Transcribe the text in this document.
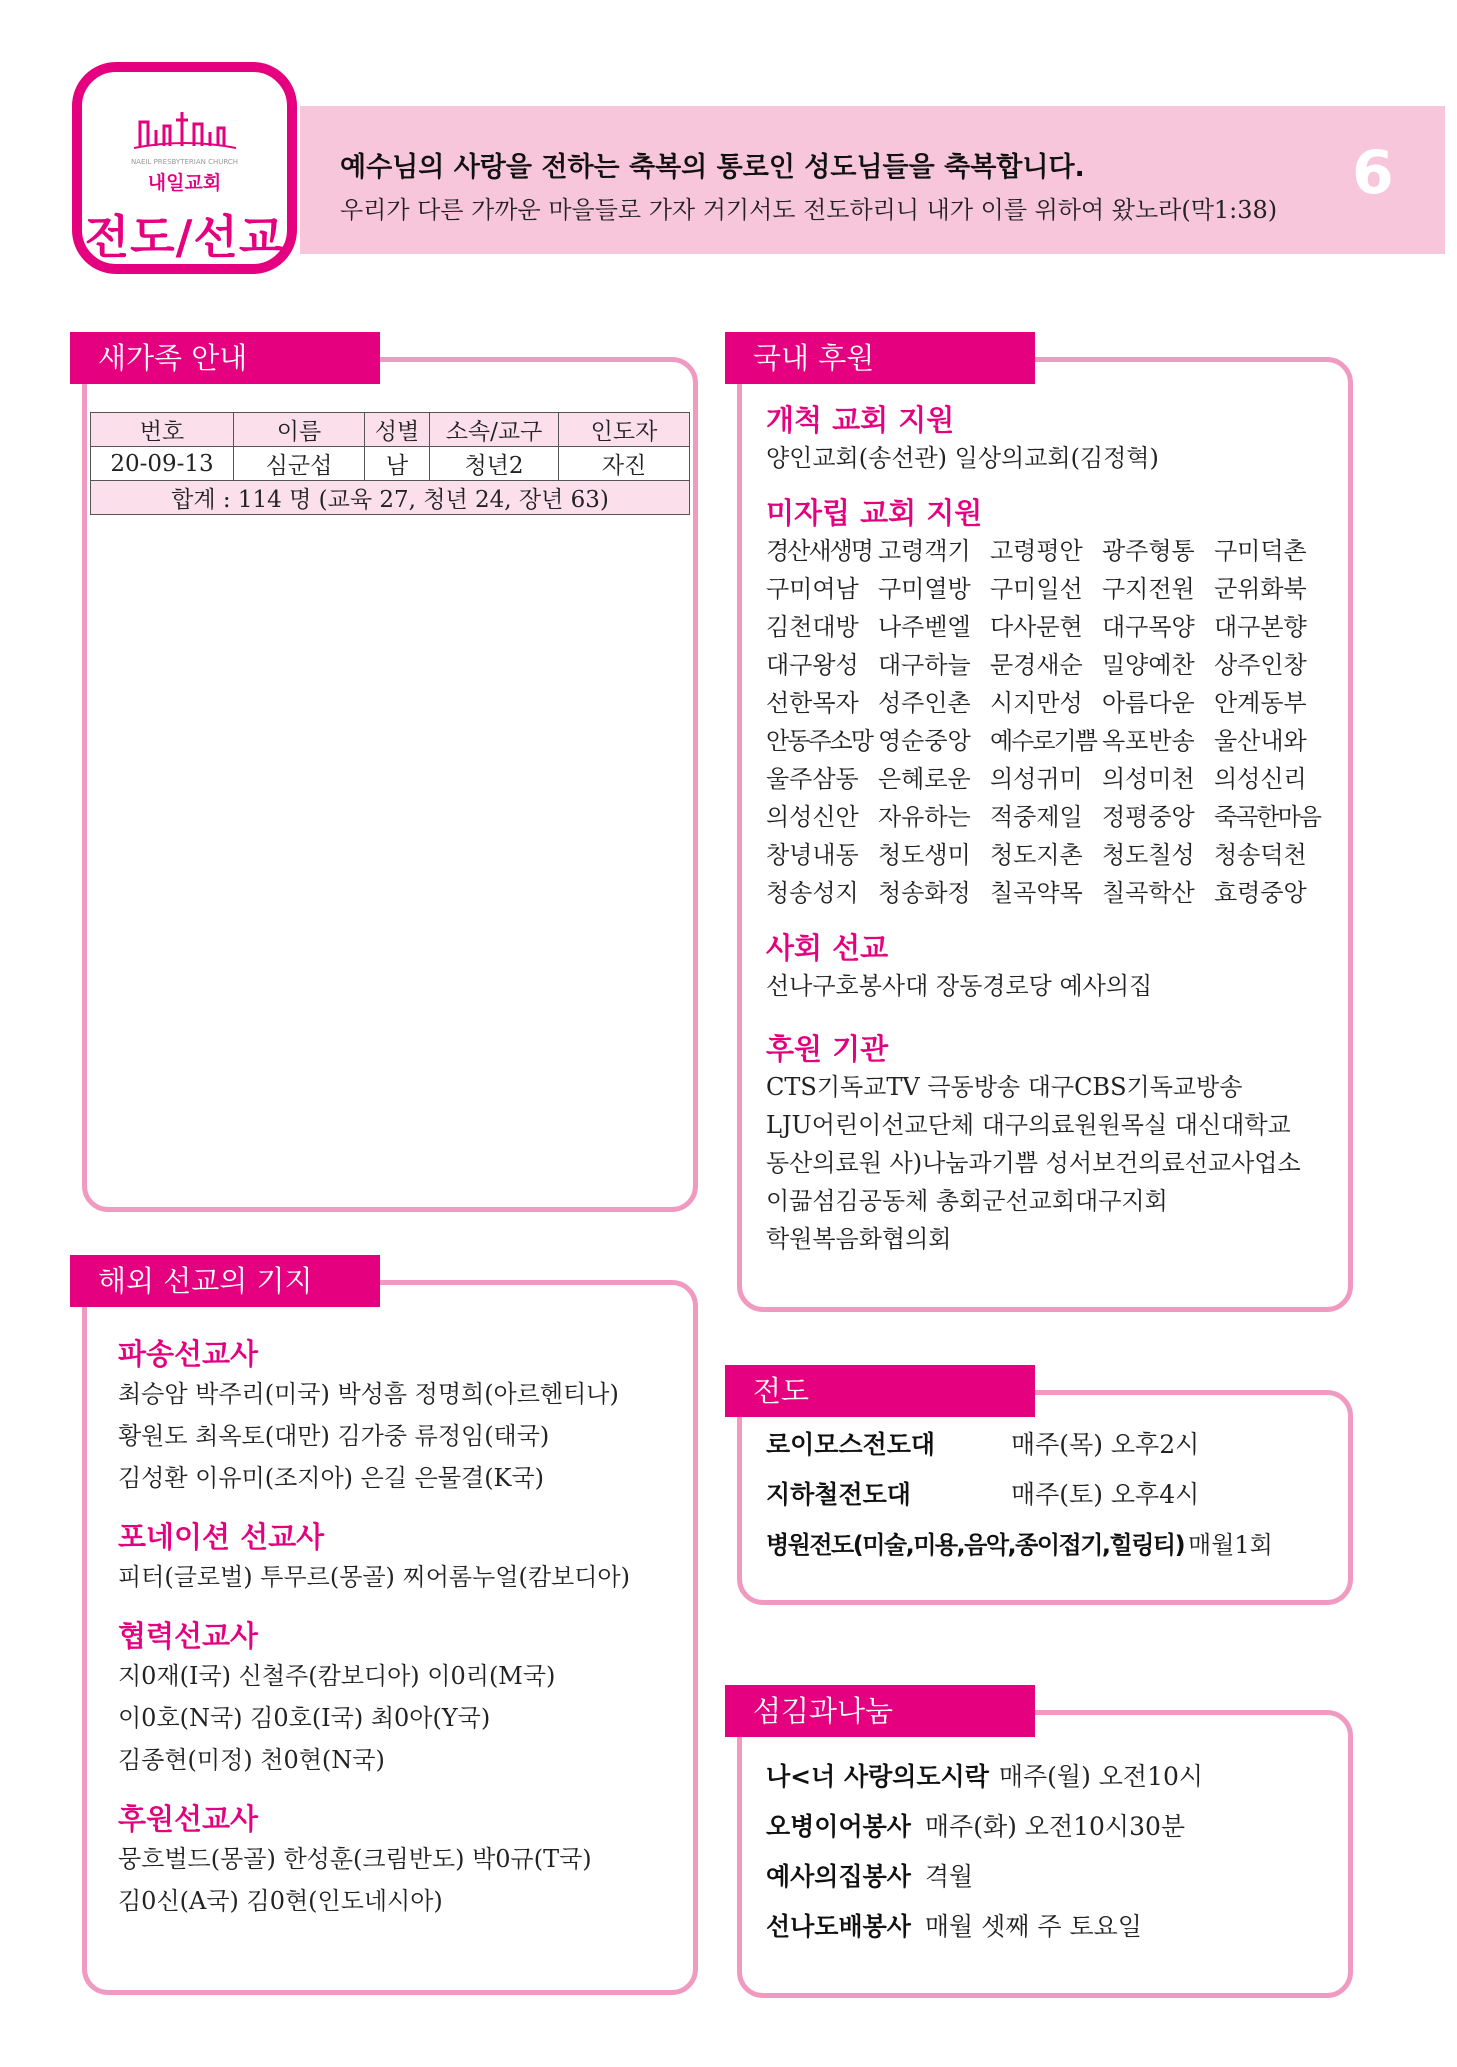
NAEIL PRESBYTERIAN CHURCH
내일교회
전도/선교
예수님의 사랑을 전하는 축복의 통로인 성도님들을 축복합니다.
우리가 다른 가까운 마을들로 가자 거기서도 전도하리니 내가 이를 위하여 왔노라(막1:38)
6
새가족 안내
번호	이름	성별	소속/교구	인도자
20-09-13	심군섭	남	청년2	자진
합계 : 114 명 (교육 27, 청년 24, 장년 63)				
국내 후원
개척 교회 지원
양인교회(송선관) 일상의교회(김정혁)
미자립 교회 지원
경산새생명 고령객기 고령평안 광주형통 구미덕촌
구미여남 구미열방 구미일선 구지전원 군위화북
김천대방 나주벧엘 다사문현 대구목양 대구본향
대구왕성 대구하늘 문경새순 밀양예찬 상주인창
선한목자 성주인촌 시지만성 아름다운 안계동부
안동주소망 영순중앙 예수로기쁨 옥포반송 울산내와
울주삼동 은혜로운 의성귀미 의성미천 의성신리
의성신안 자유하는 적중제일 정평중앙 죽곡한마음
창녕내동 청도생미 청도지촌 청도칠성 청송덕천
청송성지 청송화정 칠곡약목 칠곡학산 효령중앙
사회 선교
선나구호봉사대 장동경로당 예사의집
후원 기관
CTS기독교TV 극동방송 대구CBS기독교방송
LJU어린이선교단체 대구의료원원목실 대신대학교
동산의료원 사)나눔과기쁨 성서보건의료선교사업소
이끎섬김공동체 총회군선교회대구지회
학원복음화협의회
해외 선교의 기지
파송선교사
최승암 박주리(미국) 박성흠 정명희(아르헨티나)
황원도 최옥토(대만) 김가중 류정임(태국)
김성환 이유미(조지아) 은길 은물결(K국)
포네이션 선교사
피터(글로벌) 투무르(몽골) 찌어롬누얼(캄보디아)
협력선교사
지0재(I국) 신철주(캄보디아) 이0리(M국)
이0호(N국) 김0호(I국) 최0아(Y국)
김종현(미정) 천0현(N국)
후원선교사
뭉흐벌드(몽골) 한성훈(크림반도) 박0규(T국)
김0신(A국) 김0현(인도네시아)
전도
로이모스전도대	매주(목) 오후2시
지하철전도대	매주(토) 오후4시
병원전도(미술,미용,음악,종이접기,힐링티) 매월1회
섬김과나눔
나<너 사랑의도시락 매주(월) 오전10시
오병이어봉사 매주(화) 오전10시30분
예사의집봉사 격월
선나도배봉사 매월 셋째 주 토요일
